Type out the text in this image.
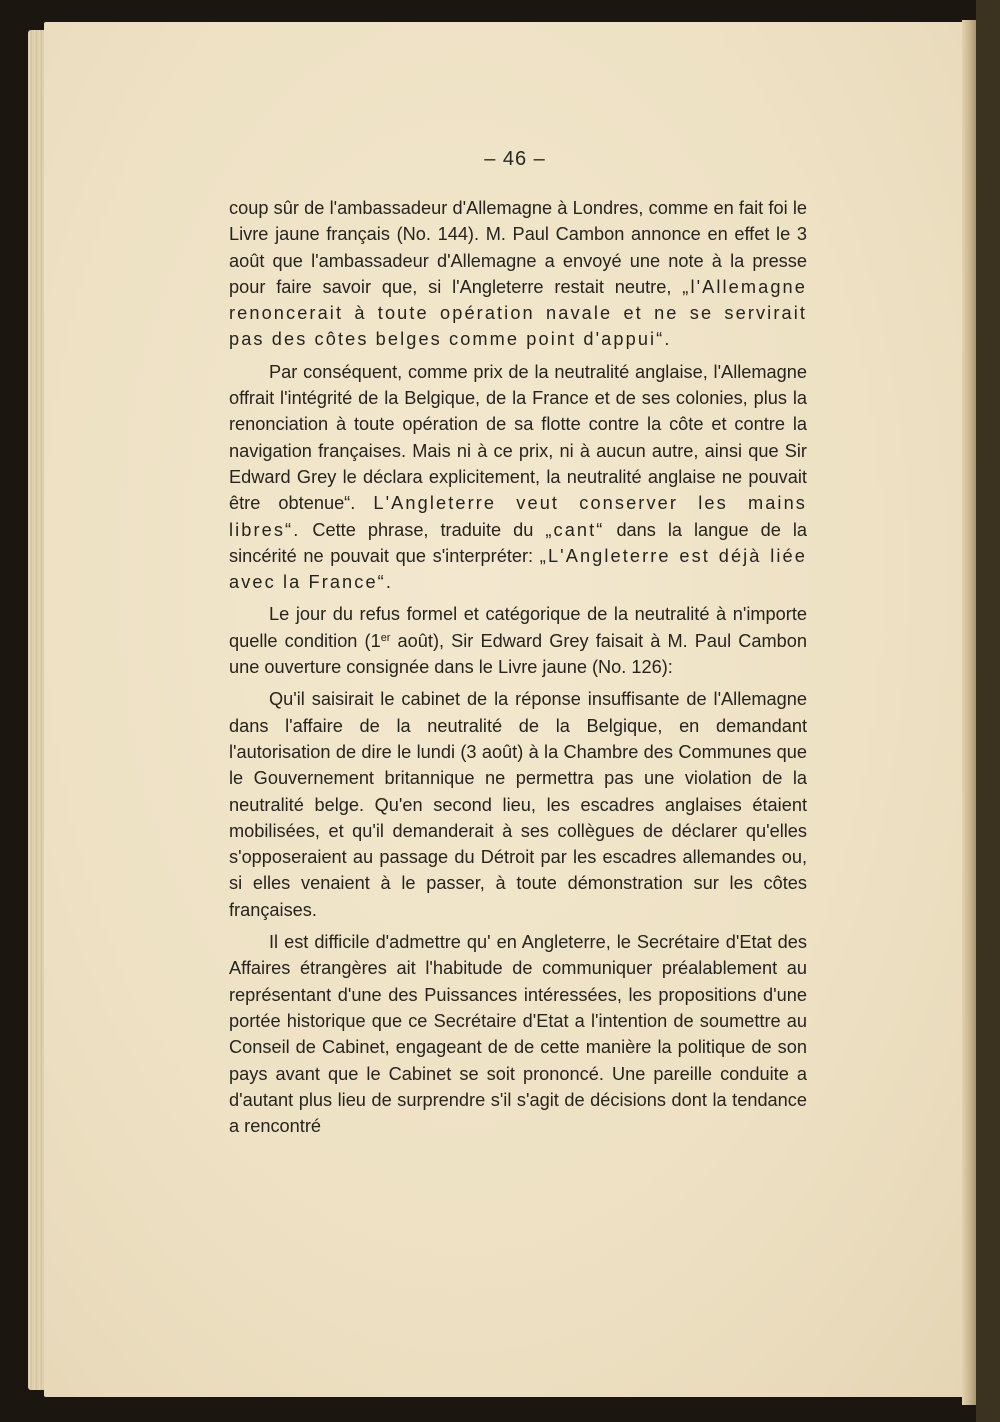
– 46 –

coup sûr de l'ambassadeur d'Allemagne à Londres, comme en fait foi le Livre jaune français (No. 144). M. Paul Cambon annonce en effet le 3 août que l'ambassadeur d'Allemagne a envoyé une note à la presse pour faire savoir que, si l'Angleterre restait neutre, „l'Allemagne renoncerait à toute opération navale et ne se servirait pas des côtes belges comme point d'appui“.

Par conséquent, comme prix de la neutralité anglaise, l'Allemagne offrait l'intégrité de la Belgique, de la France et de ses colonies, plus la renonciation à toute opération de sa flotte contre la côte et contre la navigation françaises. Mais ni à ce prix, ni à aucun autre, ainsi que Sir Edward Grey le déclara explicitement, la neutralité anglaise ne pouvait être obtenue“. L'Angleterre veut conserver les mains libres“. Cette phrase, traduite du „cant“ dans la langue de la sincérité ne pouvait que s'interpréter: „L'Angleterre est déjà liée avec la France“.

Le jour du refus formel et catégorique de la neutralité à n'importe quelle condition (1er août), Sir Edward Grey faisait à M. Paul Cambon une ouverture consignée dans le Livre jaune (No. 126):

Qu'il saisirait le cabinet de la réponse insuffisante de l'Allemagne dans l'affaire de la neutralité de la Belgique, en demandant l'autorisation de dire le lundi (3 août) à la Chambre des Communes que le Gouvernement britannique ne permettra pas une violation de la neutralité belge. Qu'en second lieu, les escadres anglaises étaient mobilisées, et qu'il demanderait à ses collègues de déclarer qu'elles s'opposeraient au passage du Détroit par les escadres allemandes ou, si elles venaient à le passer, à toute démonstration sur les côtes françaises.

Il est difficile d'admettre qu' en Angleterre, le Secrétaire d'Etat des Affaires étrangères ait l'habitude de communiquer préalablement au représentant d'une des Puissances intéressées, les propositions d'une portée historique que ce Secrétaire d'Etat a l'intention de soumettre au Conseil de Cabinet, engageant de de cette manière la politique de son pays avant que le Cabinet se soit prononcé. Une pareille conduite a d'autant plus lieu de surprendre s'il s'agit de décisions dont la tendance a rencontré
